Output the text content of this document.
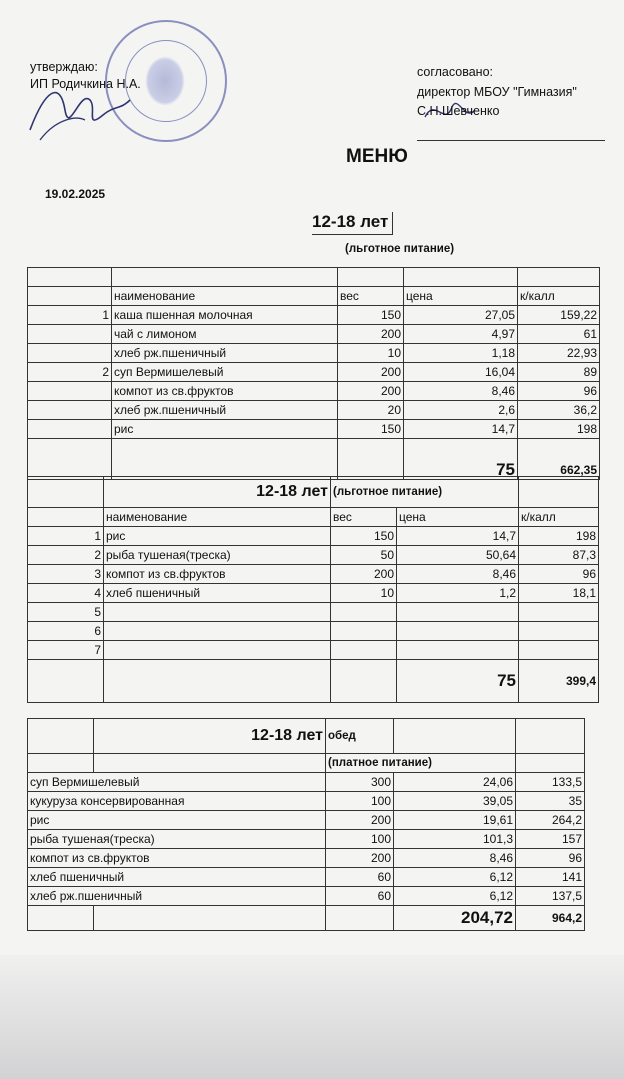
утверждаю:
ИП Родичкина Н.А.
согласовано:
директор МБОУ "Гимназия"
С.Н.Шевченко
МЕНЮ
19.02.2025
12-18 лет
(льготное питание)

	наименование	вес	цена	к/калл
1	каша пшенная молочная	150	27,05	159,22
	чай с лимоном	200	4,97	61
	хлеб рж.пшеничный	10	1,18	22,93
2	суп Вермишелевый	200	16,04	89
	компот из св.фруктов	200	8,46	96
	хлеб рж.пшеничный	20	2,6	36,2
	рис	150	14,7	198
			75	662,35
	12-18 лет	(льготное питание)		
	наименование	вес	цена	к/калл
1	рис	150	14,7	198
2	рыба тушеная(треска)	50	50,64	87,3
3	компот из св.фруктов	200	8,46	96
4	хлеб пшеничный	10	1,2	18,1
5				
6				
7				
			75	399,4
	12-18 лет	обед		
		(платное питание)		
суп Вермишелевый		300	24,06	133,5
кукуруза консервированная		100	39,05	35
рис		200	19,61	264,2
рыба тушеная(треска)		100	101,3	157
компот из св.фруктов		200	8,46	96
хлеб пшеничный		60	6,12	141
хлеб рж.пшеничный		60	6,12	137,5
			204,72	964,2
